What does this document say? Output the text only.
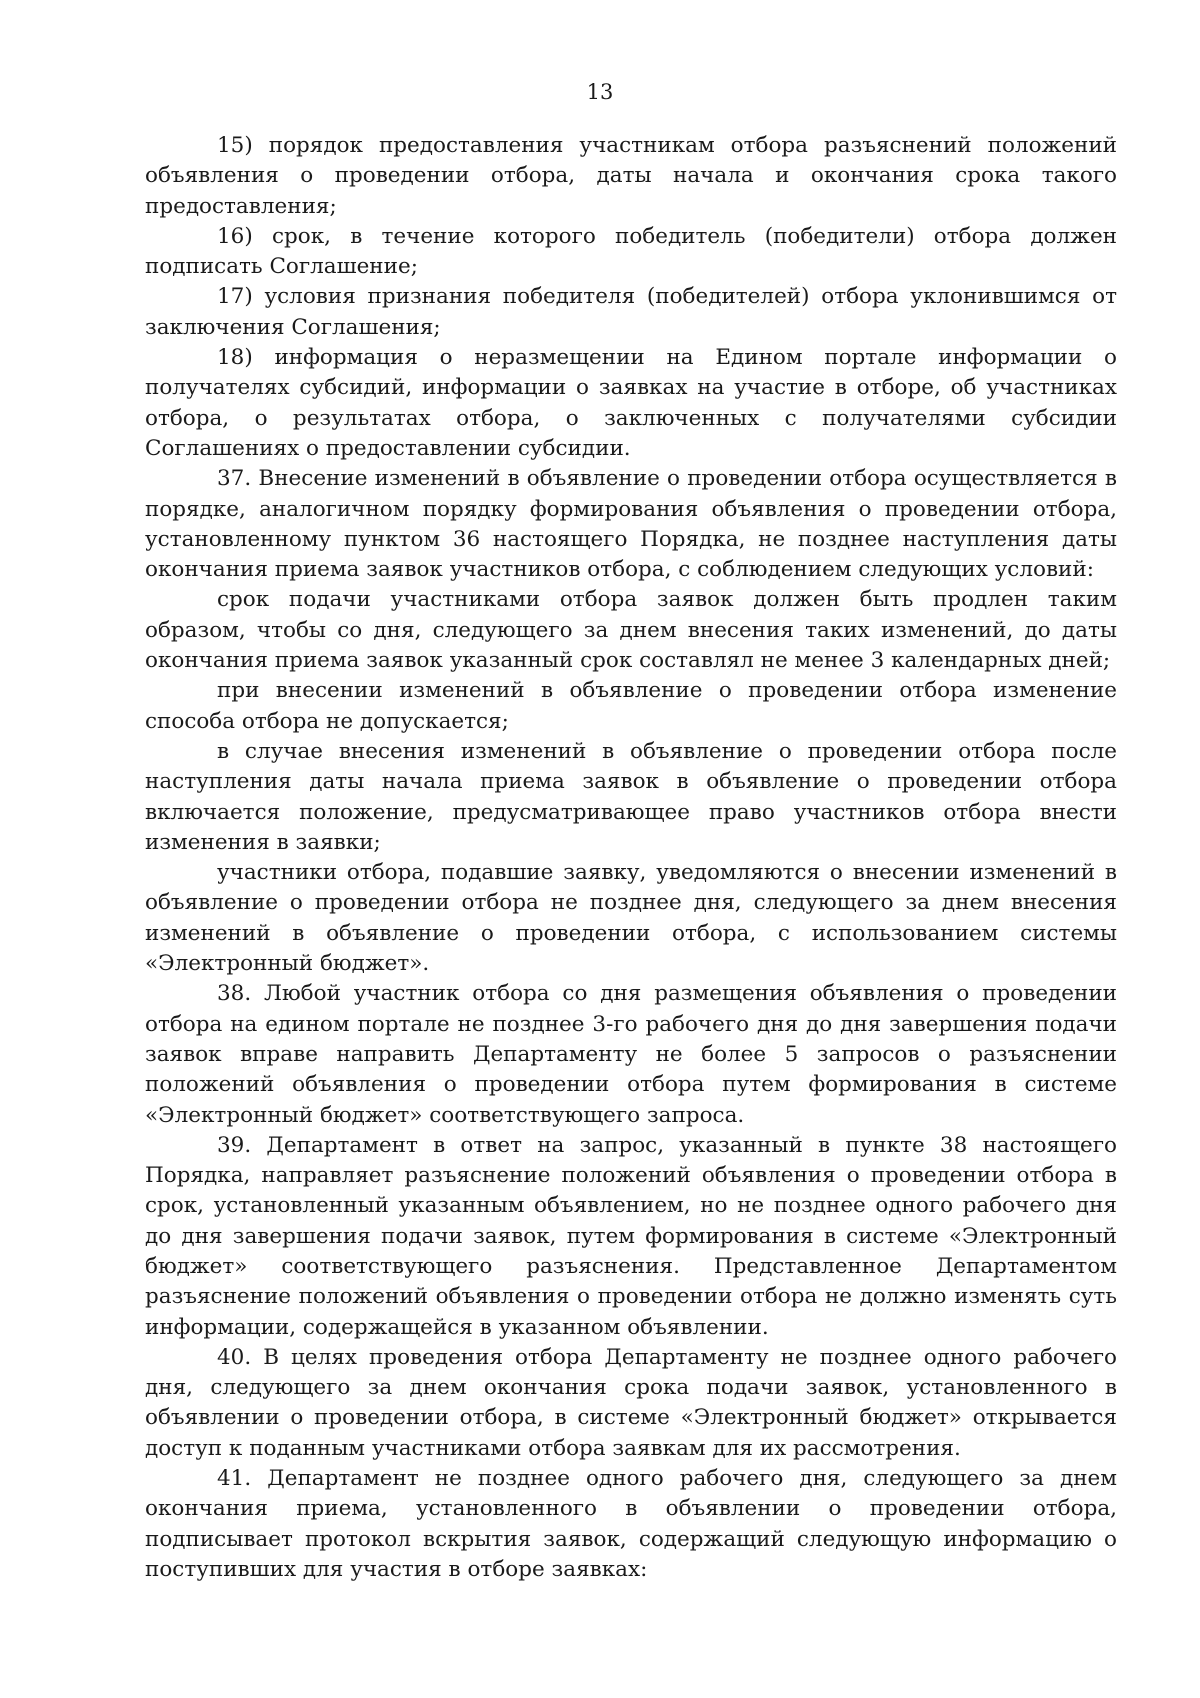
13

15) порядок предоставления участникам отбора разъяснений положений объявления о проведении отбора, даты начала и окончания срока такого предоставления;

16) срок, в течение которого победитель (победители) отбора должен подписать Соглашение;

17) условия признания победителя (победителей) отбора уклонившимся от заключения Соглашения;

18) информация о неразмещении на Едином портале информации о получателях субсидий, информации о заявках на участие в отборе, об участниках отбора, о результатах отбора, о заключенных с получателями субсидии Соглашениях о предоставлении субсидии.

37. Внесение изменений в объявление о проведении отбора осуществляется в порядке, аналогичном порядку формирования объявления о проведении отбора, установленному пунктом 36 настоящего Порядка, не позднее наступления даты окончания приема заявок участников отбора, с соблюдением следующих условий:

срок подачи участниками отбора заявок должен быть продлен таким образом, чтобы со дня, следующего за днем внесения таких изменений, до даты окончания приема заявок указанный срок составлял не менее 3 календарных дней;

при внесении изменений в объявление о проведении отбора изменение способа отбора не допускается;

в случае внесения изменений в объявление о проведении отбора после наступления даты начала приема заявок в объявление о проведении отбора включается положение, предусматривающее право участников отбора внести изменения в заявки;

участники отбора, подавшие заявку, уведомляются о внесении изменений в объявление о проведении отбора не позднее дня, следующего за днем внесения изменений в объявление о проведении отбора, с использованием системы «Электронный бюджет».

38. Любой участник отбора со дня размещения объявления о проведении отбора на едином портале не позднее 3-го рабочего дня до дня завершения подачи заявок вправе направить Департаменту не более 5 запросов о разъяснении положений объявления о проведении отбора путем формирования в системе «Электронный бюджет» соответствующего запроса.

39. Департамент в ответ на запрос, указанный в пункте 38 настоящего Порядка, направляет разъяснение положений объявления о проведении отбора в срок, установленный указанным объявлением, но не позднее одного рабочего дня до дня завершения подачи заявок, путем формирования в системе «Электронный бюджет» соответствующего разъяснения. Представленное Департаментом разъяснение положений объявления о проведении отбора не должно изменять суть информации, содержащейся в указанном объявлении.

40. В целях проведения отбора Департаменту не позднее одного рабочего дня, следующего за днем окончания срока подачи заявок, установленного в объявлении о проведении отбора, в системе «Электронный бюджет» открывается доступ к поданным участниками отбора заявкам для их рассмотрения.

41. Департамент не позднее одного рабочего дня, следующего за днем окончания приема, установленного в объявлении о проведении отбора, подписывает протокол вскрытия заявок, содержащий следующую информацию о поступивших для участия в отборе заявках:
